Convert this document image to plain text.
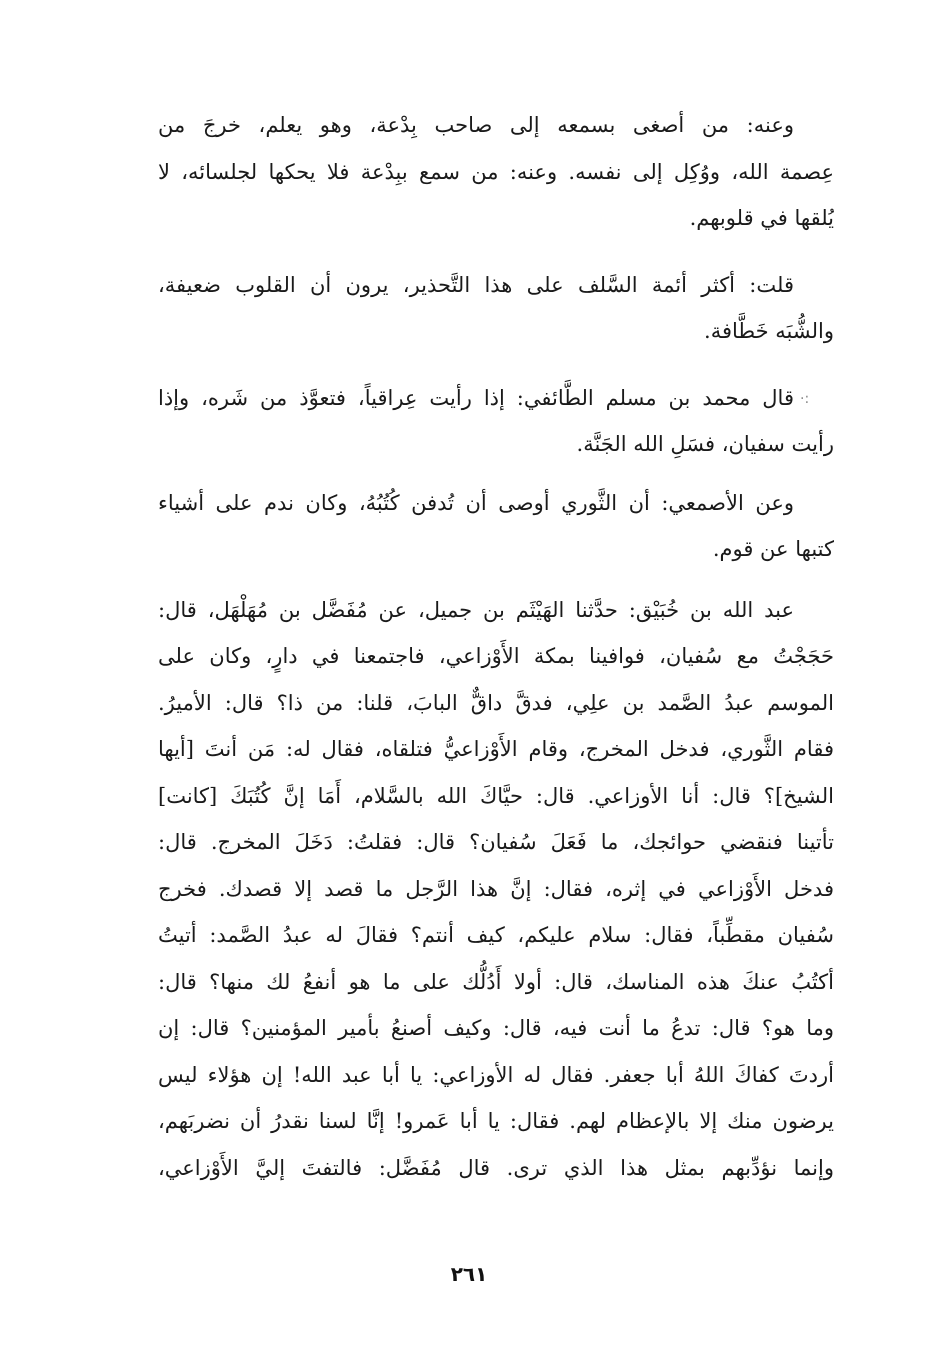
·:
وعنه: من أصغى بسمعه إلى صاحب بِدْعة، وهو يعلم، خرجَ من
عِصمة الله، ووُكِل إلى نفسه. وعنه: من سمع ببِدْعة فلا يحكها لجلسائه، لا
يُلقها في قلوبهم.
قلت: أكثر أئمة السَّلف على هذا التَّحذير، يرون أن القلوب ضعيفة،
والشُّبَه خَطَّافة.
قال محمد بن مسلم الطَّائفي: إذا رأيت عِراقياً، فتعوَّذ من شَره، وإذا
رأيت سفيان، فسَلِ الله الجَنَّة.
وعن الأصمعي: أن الثَّوري أوصى أن تُدفن كُتُبُهُ، وكان ندم على أشياء
كتبها عن قوم.
عبد الله بن خُبَيْق: حدَّثنا الهَيْثَم بن جميل، عن مُفَضَّل بن مُهَلْهَل، قال:
حَجَجْتُ مع سُفيان، فوافينا بمكة الأَوْزاعي، فاجتمعنا في دارٍ، وكان على
الموسم عبدُ الصَّمد بن علِي، فدقَّ داقٌّ البابَ، قلنا: من ذا؟ قال: الأميرُ.
فقام الثَّوري، فدخل المخرج، وقام الأَوْزاعيُّ فتلقاه، فقال له: مَن أنتَ [أيها
الشيخ]؟ قال: أنا الأوزاعي. قال: حيَّاكَ الله بالسَّلام، أَمَا إنَّ كُتُبَكَ [كانت]
تأتينا فنقضي حوائجك، ما فَعَلَ سُفيان؟ قال: فقلتُ: دَخَلَ المخرج. قال:
فدخل الأَوْزاعي في إثره، فقال: إنَّ هذا الرَّجل ما قصد إلا قصدك. فخرج
سُفيان مقطِّباً، فقال: سلام عليكم، كيف أنتم؟ فقالَ له عبدُ الصَّمد: أتيتُ
أكتُبُ عنكَ هذه المناسك، قال: أولا أَدُلُّك على ما هو أنفعُ لك منها؟ قال:
وما هو؟ قال: تدعُ ما أنت فيه، قال: وكيف أصنعُ بأمير المؤمنين؟ قال: إن
أردتَ كفاكَ اللهُ أبا جعفر. فقال له الأوزاعي: يا أبا عبد الله! إن هؤلاء ليس
يرضون منك إلا بالإعظام لهم. فقال: يا أبا عَمرو! إنَّا لسنا نقدرُ أن نضربَهم،
وإنما نؤدِّبهم بمثل هذا الذي ترى. قال مُفَضَّل: فالتفتَ إليَّ الأَوْزاعي،
٢٦١
